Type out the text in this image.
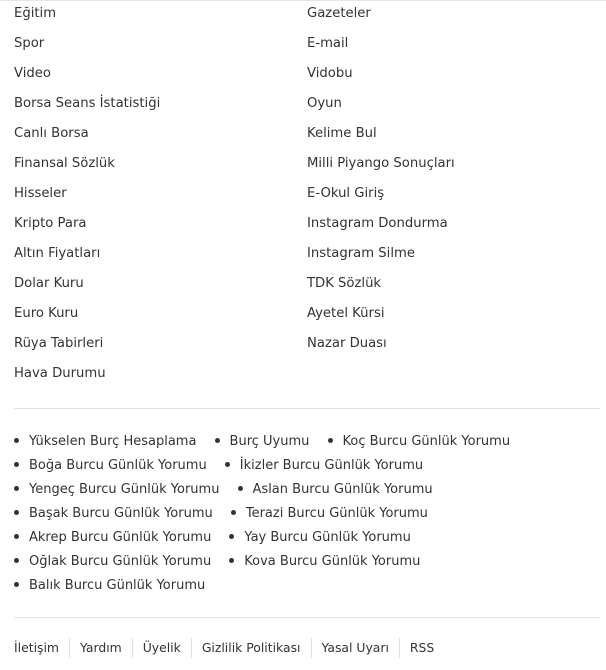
Eğitim
Spor
Video
Borsa Seans İstatistiği
Canlı Borsa
Finansal Sözlük
Hisseler
Kripto Para
Altın Fiyatları
Dolar Kuru
Euro Kuru
Rüya Tabirleri
Hava Durumu
Gazeteler
E-mail
Vidobu
Oyun
Kelime Bul
Milli Piyango Sonuçları
E-Okul Giriş
Instagram Dondurma
Instagram Silme
TDK Sözlük
Ayetel Kürsi
Nazar Duası
Yükselen Burç Hesaplama	Burç Uyumu	Koç Burcu Günlük Yorumu Boğa Burcu Günlük Yorumu	İkizler Burcu Günlük Yorumu Yengeç Burcu Günlük Yorumu	Aslan Burcu Günlük Yorumu Başak Burcu Günlük Yorumu	Terazi Burcu Günlük Yorumu Akrep Burcu Günlük Yorumu	Yay Burcu Günlük Yorumu Oğlak Burcu Günlük Yorumu	Kova Burcu Günlük Yorumu Balık Burcu Günlük Yorumu
İletişim Yardım Üyelik Gizlilik Politikası Yasal Uyarı RSS
